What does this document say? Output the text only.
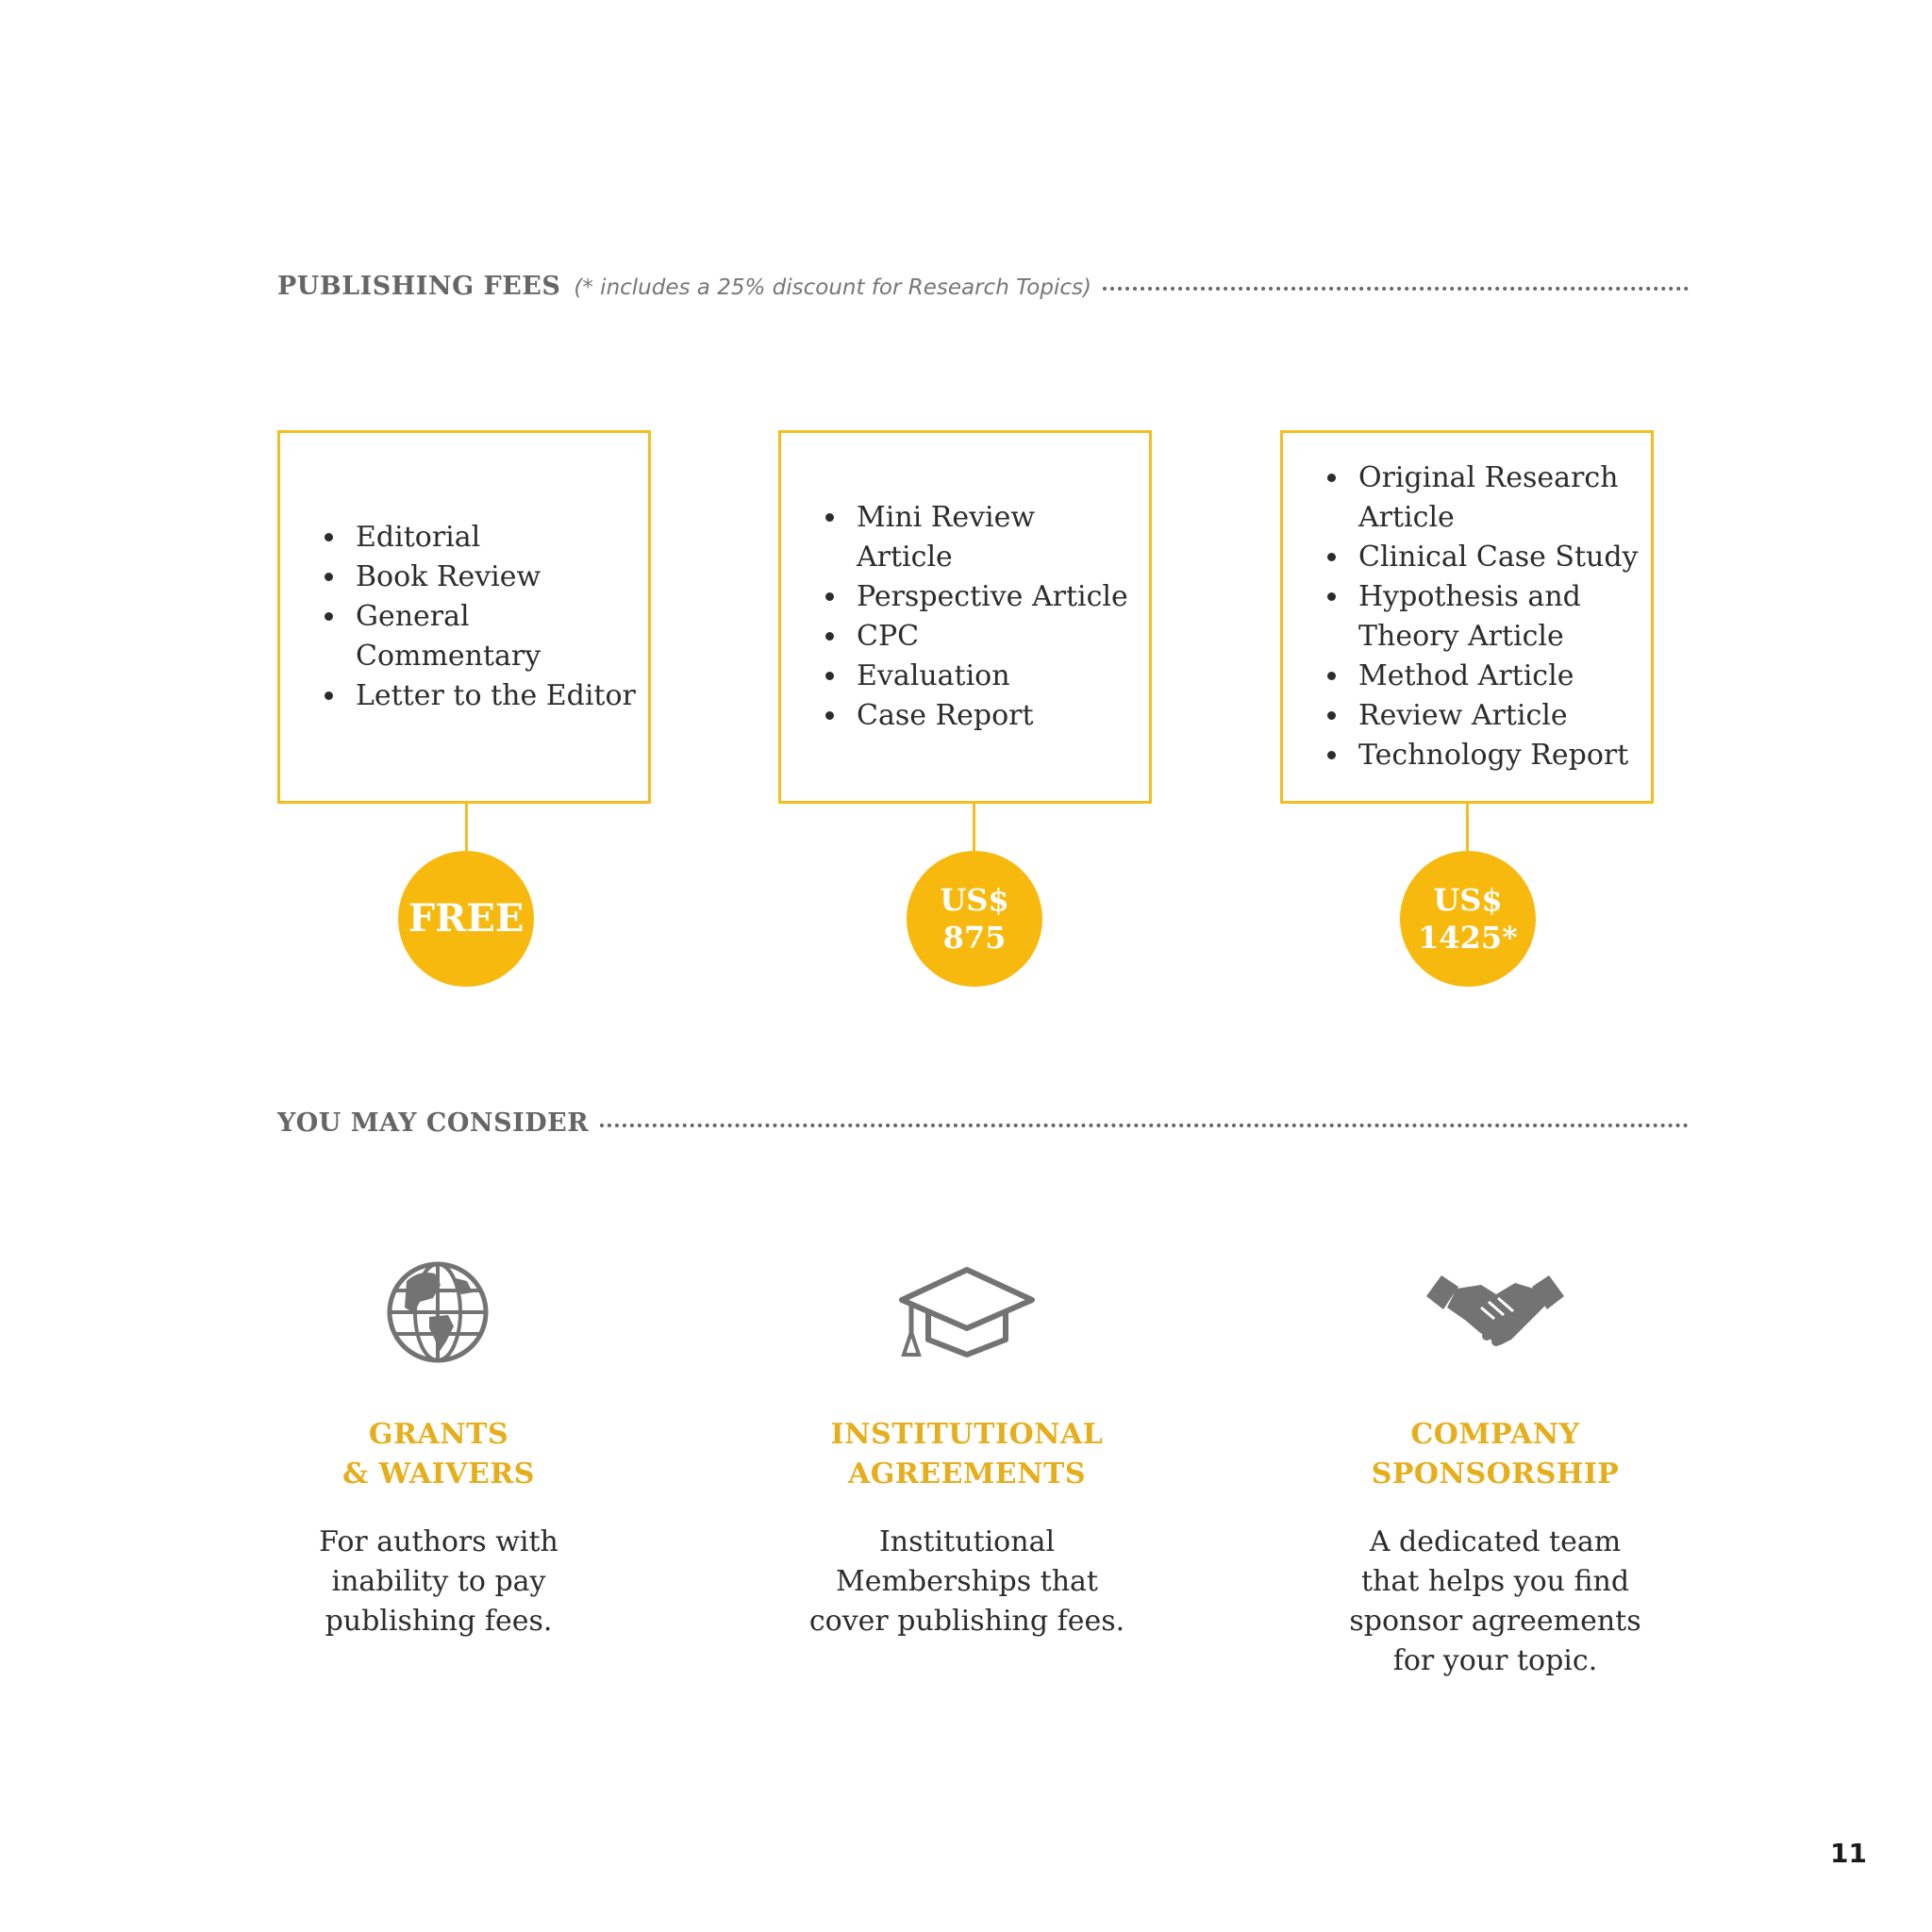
PUBLISHING FEES (* includes a 25% discount for Research Topics)
• Editorial
• Book Review
• General Commentary
• Letter to the Editor
FREE
• Mini Review Article
• Perspective Article
• CPC
• Evaluation
• Case Report
US$
875
• Original Research Article
• Clinical Case Study
• Hypothesis and Theory Article
• Method Article
• Review Article
• Technology Report
US$
1425*
YOU MAY CONSIDER
GRANTS
& WAIVERS
For authors with
inability to pay
publishing fees.
INSTITUTIONAL
AGREEMENTS
Institutional
Memberships that
cover publishing fees.
COMPANY
SPONSORSHIP
A dedicated team
that helps you find
sponsor agreements
for your topic.
11
